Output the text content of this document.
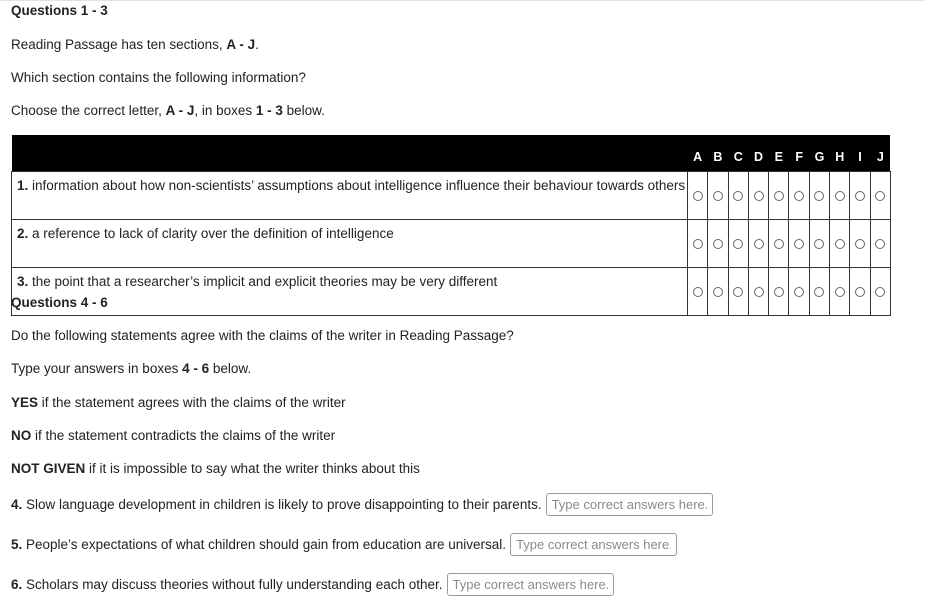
Questions 1 - 3
Reading Passage has ten sections, A - J.
Which section contains the following information?
Choose the correct letter, A - J, in boxes 1 - 3 below.
	A	B	C	D	E	F	G	H	I	J
1. information about how non-scientists’ assumptions about intelligence influence their behaviour towards others										
2. a reference to lack of clarity over the definition of intelligence										
3. the point that a researcher’s implicit and explicit theories may be very different										
Questions 4 - 6
Do the following statements agree with the claims of the writer in Reading Passage?
Type your answers in boxes 4 - 6 below.
YES if the statement agrees with the claims of the writer
NO if the statement contradicts the claims of the writer
NOT GIVEN if it is impossible to say what the writer thinks about this
4. Slow language development in children is likely to prove disappointing to their parents.
Type correct answers here.
5. People’s expectations of what children should gain from education are universal.
Type correct answers here.
6. Scholars may discuss theories without fully understanding each other.
Type correct answers here.
